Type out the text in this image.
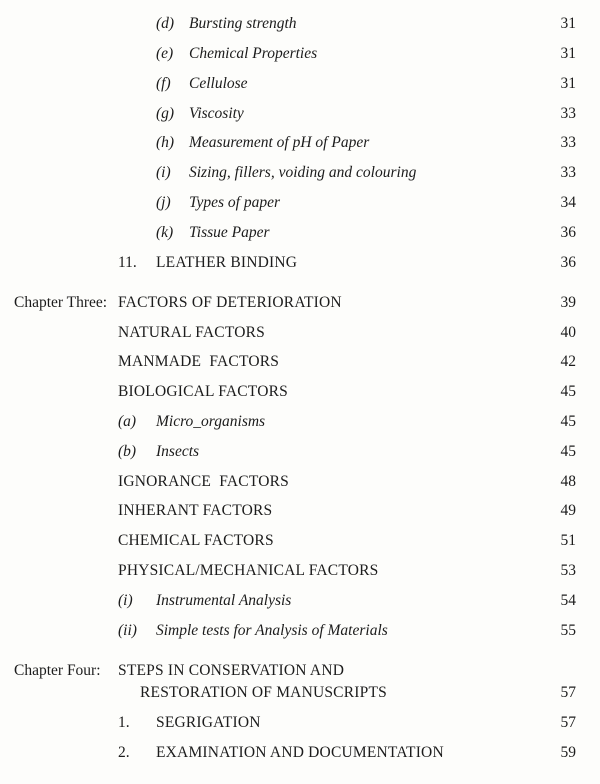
(d) Bursting strength	31
(e) Chemical Properties	31
(f) Cellulose	31
(g) Viscosity	33
(h) Measurement of pH of Paper	33
(i) Sizing, fillers, voiding and colouring	33
(j) Types of paper	34
(k) Tissue Paper	36
11. LEATHER BINDING	36
Chapter Three: FACTORS OF DETERIORATION	39
NATURAL FACTORS	40
MANMADE  FACTORS	42
BIOLOGICAL FACTORS	45
(a) Micro_organisms	45
(b) Insects	45
IGNORANCE  FACTORS	48
INHERANT FACTORS	49
CHEMICAL FACTORS	51
PHYSICAL/MECHANICAL FACTORS	53
(i) Instrumental Analysis	54
(ii) Simple tests for Analysis of Materials	55
Chapter Four: STEPS IN CONSERVATION AND
RESTORATION OF MANUSCRIPTS	57
1. SEGRIGATION	57
2. EXAMINATION AND DOCUMENTATION	59
